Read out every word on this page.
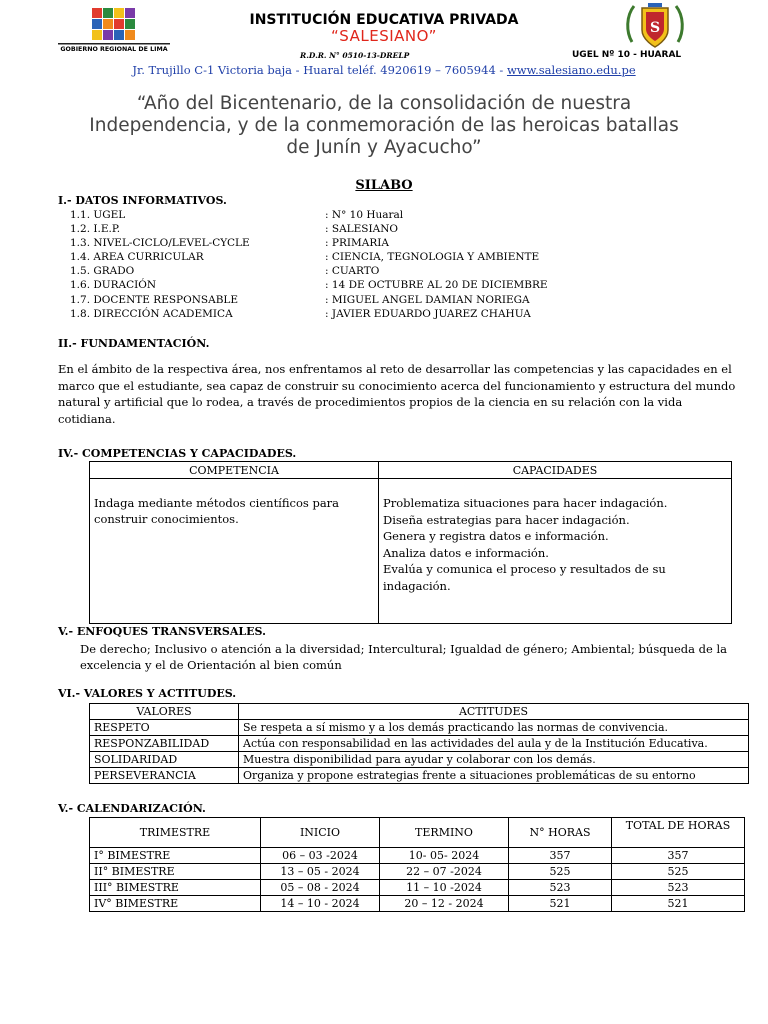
GOBIERNO REGIONAL DE LIMA
INSTITUCIÓN EDUCATIVA PRIVADA
“SALESIANO”
R.D.R. N° 0510-13-DRELP	UGEL Nº 10 - HUARAL
S
Jr. Trujillo C-1 Victoria baja - Huaral teléf. 4920619 – 7605944 - www.salesiano.edu.pe
“Año del Bicentenario, de la consolidación de nuestra
Independencia, y de la conmemoración de las heroicas batallas
de Junín y Ayacucho”
SILABO
I.- DATOS INFORMATIVOS.
1.1. UGEL	: N° 10 Huaral
1.2. I.E.P.	: SALESIANO
1.3. NIVEL-CICLO/LEVEL-CYCLE	: PRIMARIA
1.4. AREA CURRICULAR	: CIENCIA, TEGNOLOGIA Y AMBIENTE
1.5. GRADO	: CUARTO
1.6. DURACIÓN	: 14 DE OCTUBRE AL 20 DE DICIEMBRE
1.7. DOCENTE RESPONSABLE	: MIGUEL ANGEL DAMIAN NORIEGA
1.8. DIRECCIÓN ACADEMICA	: JAVIER EDUARDO JUAREZ CHAHUA
II.- FUNDAMENTACIÓN.
En el ámbito de la respectiva área, nos enfrentamos al reto de desarrollar las competencias y las capacidades en el marco que el estudiante, sea capaz de construir su conocimiento acerca del funcionamiento y estructura del mundo natural y artificial que lo rodea, a través de procedimientos propios de la ciencia en su relación con la vida cotidiana.
IV.- COMPETENCIAS Y CAPACIDADES.
COMPETENCIA	CAPACIDADES
Indaga mediante métodos científicos para construir conocimientos.	Problematiza situaciones para hacer indagación.
Diseña estrategias para hacer indagación.
Genera y registra datos e información.
Analiza datos e información.
Evalúa y comunica el proceso y resultados de su indagación.
V.- ENFOQUES TRANSVERSALES.
De derecho; Inclusivo o atención a la diversidad; Intercultural; Igualdad de género; Ambiental; búsqueda de la excelencia y el de Orientación al bien común
VI.- VALORES Y ACTITUDES.
VALORES	ACTITUDES
RESPETO	Se respeta a sí mismo y a los demás practicando las normas de convivencia.
RESPONZABILIDAD	Actúa con responsabilidad en las actividades del aula y de la Institución Educativa.
SOLIDARIDAD	Muestra disponibilidad para ayudar y colaborar con los demás.
PERSEVERANCIA	Organiza y propone estrategias frente a situaciones problemáticas de su entorno
V.- CALENDARIZACIÓN.
TRIMESTRE	INICIO	TERMINO	N° HORAS	TOTAL DE HORAS
I° BIMESTRE	06 – 03 -2024	10- 05- 2024	357	357
II° BIMESTRE	13 – 05 - 2024	22 – 07 -2024	525	525
III° BIMESTRE	05 – 08 - 2024	11 – 10 -2024	523	523
IV° BIMESTRE	14 – 10 - 2024	20 – 12 - 2024	521	521
